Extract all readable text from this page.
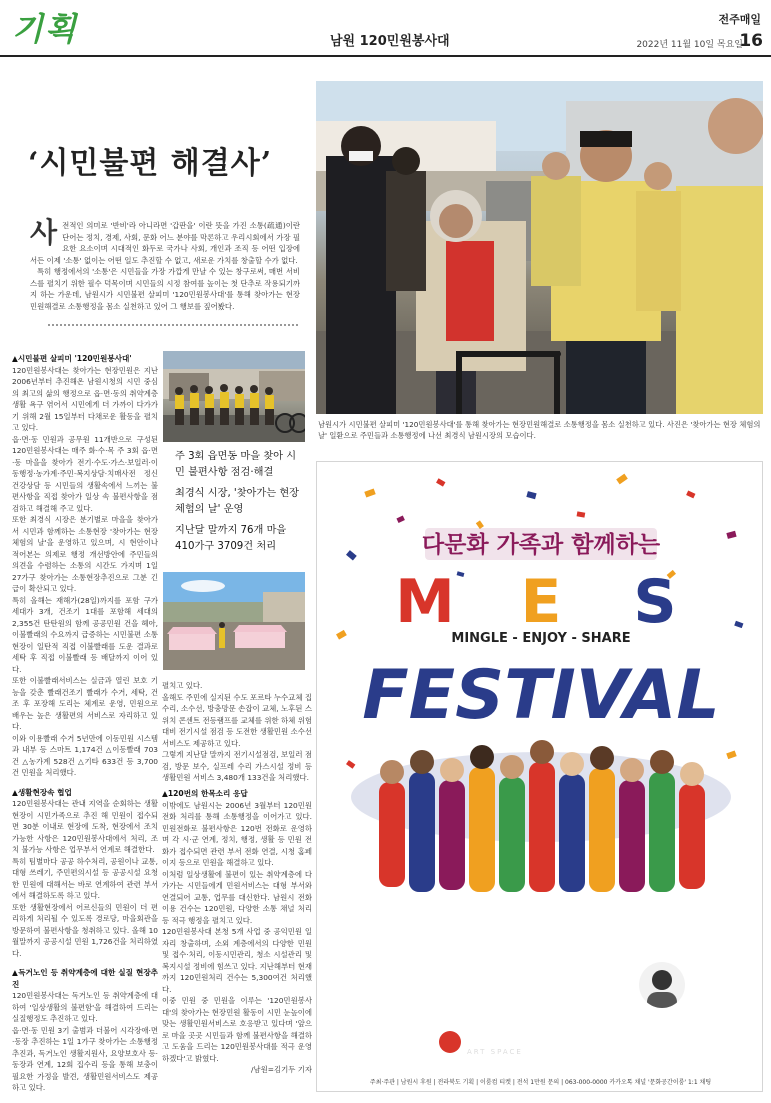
기획	남원 120민원봉사대
전주매일
2022년 11월 10일 목요일
16
‘시민불편 해결사’
사 전적인 의미로 '반비'라 아니라면 '갑판을' 이란 뜻을 가진 소통(疏通)이란 단어는 정치, 경제, 사회, 문화 어느 분야를 막론하고 우리시회에서 가장 필요한 요소이며 시대적인 화두로 국가나 사회, 개인과 조직 등 어떤 입장에서든 이제 '소통' 없이는 어떤 일도 추진할 수 없고, 새로운 가치를 창출할 수가 없다.

특히 행정에서의 '소통'은 시민들을 가장 가깝게 만날 수 있는 창구로써, 매번 서비스를 펼치기 위한 필수 덕목이며 시민들의 시정 참여를 높이는 첫 단추로 작용되기까지 하는 가운데, 남원시가 시민불편 살피미 '120민원봉사대'를 통해 찾아가는 현장민원해결로 소통행정을 몸소 실천하고 있어 그 행보를 짚어봤다.

▲시민불편 살피미 '120민원봉사대'

120민원봉사대는 찾아가는 현장민원은 지난 2006년부터 추진해온 남원시청의 시민 중심의 최고의 삶의 행정으로 읍·면·동의 취약계층 생활 욕구 엮어서 시민에게 더 가까이 다가가기 위해 2월 15일부터 다채로운 활동을 펼치고 있다.

읍·면·동 민원과 공무원 11개반으로 구성된 120민원봉사대는 매주 화·수·목 주 3회 읍·면·동 마을을 찾아가 전기·수도·가스·보일러·이동행정·농가계·주민·복지상담·치매사전 정신건강상담 등 시민들의 생활속에서 느끼는 불편사항을 직접 찾아가 일상 속 불편사항을 점검하고 해결해 주고 있다.

또한 최경식 시장은 분기별로 마을을 찾아가서 시민과 함께하는 소통현장 '찾아가는 현장 체험의 날'을 운영하고 있으며, 시 현안이나 적어본는 의제로 행정 개선방안에 주민들의 의견을 수렴하는 소통의 시간도 가지며 1일 27가구 찾아가는 소통현장추진으로 그분 긴급이 확산되고 있다.

특히 올해는 재해가(28일)까지를 포함 구가 세대가 3개, 건조기 1대를 포함해 세대의 2,355건 탄탄원의 함께 공공민원 건을 헤아, 이불빨래의 수요까지 급증하는 시민불편 소통현장이 일탄적 직접 이불빨래를 도운 결과로 세탁 후 직접 이불빨래 등 배달까지 이어 있다.

또한 이불빨래서비스는 실금과 열린 보호 기능을 갖춘 빨래건조기 빨래가 수거, 세탁, 건조 후 포장해 도리는 체계로 운영, 민원으로 배우는 높은 생활편의 서비스로 자리하고 있다.

이와 이용빨래 수거 5년만에 이동민원 시스템과 내부 등 스마트 1,174건 △이동빨래 703건 △농가계 528건 △기타 633건 등 3,700건 민원을 처리했다.

▲생활현장속 협업

120민원봉사대는 관내 지역을 순회하는 생활 현장이 시민가족으로 추진 해 민원이 접수되면 30분 이내로 현장에 도착, 현장에서 조치 가능한 사항은 120민원봉사대에서 처리, 조치 불가능 사항은 업무부서 연계로 해결한다.

특히 팀별마다 공공 하수처리, 공원이나 교통, 대형 쓰레기, 주민편의시설 등 공공시설 요청한 민원에 대해서는 바로 연계하여 관련 부서에서 해결하도록 하고 있다.

또한 생활현장에서 어르신들의 민원이 더 편리하게 처리될 수 있도록 경로당, 마을회관을 방문하여 불편사항을 청취하고 있다. 올해 10월말까지 공공시설 민원 1,726건을 처리하였다.

▲독거노인 등 취약계층에 대한 실질 현장추진

120민원봉사대는 독거노인 등 취약계층에 대하여 '일상생활의 불편함'을 해결하여 드리는 실질행정도 추진하고 있다.

읍·면·동 민원 3기 출범과 더불어 시각장애·면·동장 추진하는 1일 1가구 찾아가는 소통행정 추진과, 독거노인 생활지원사, 요양보호사 등·동장과 연계, 12회 집수리 등을 통해 보충이 필요한 가정을 발견, 생활민원서비스도 제공하고 있다.

주 3회 읍면동 마을 찾아 시민 불편사항 점검·해결
최경식 시장, '찾아가는 현장 체험의 날' 운영
지난달 말까지 76개 마을 410가구 3709건 처리

펼치고 있다.

올해도 주민에 실지된 수도 포르타 누수교체 집수리, 소수선, 방충망문 손잡이 교체, 노후된 스위치 콘센트 전등램프를 교체를 위한 하체 위험대비 전기시설 점검 등 도전한 생활민원 소수선 서비스도 제공하고 있다.

그렇게 지난달 말까지 전기시설점검, 보일러 점검, 방문 보수, 실프레 수리 가스시설 정비 등 생활민원 서비스 3,480개 133건을 처리했다.

▲120번의 한목소리 응답

이밖에도 남원시는 2006년 3월부터 120민원전화 처리를 통해 소통행정을 이어가고 있다. 민원전화로 불편사항은 120번 전화로 운영하며 각 시·군 연계, 정치, 행정, 생활 등 민원 전화가 접수되면 관련 부서 전화 연결, 시청 홈페이지 등으로 민원을 해결하고 있다.

이처럼 일상생활에 불편이 있는 취약계층에 다가가는 시민들에게 민원서비스는 대형 부서와 연결되어 교통, 업무를 대신한다. 남원시 전화 이용 건수는 120민원, 다양한 소통 채널 처리 등 적극 행정을 펼치고 있다.

120민원봉사대 본청 5개 사업 중 공익민원 일자리 창출하며, 소외 계층에서의 다양한 민원 및 접수·처리, 이동시민관리, 청소 시설관리 및 복지시설 정비에 힘쓰고 있다. 지난해부터 현재까지 120민원처리 건수는 5,300여건 처리했다.

이중 민원 중 민원을 이루는 '120민원봉사대'의 찾아가는 현장민원 활동이 시민 눈높이에 맞는 생활민원서비스로 호응받고 있다며 '앞으로 마을 곳곳 시민들과 함께 불편사항을 해결하고 도움을 드리는 120민원봉사대를 적극 운영하겠다'고 밝혔다.

/남원=김기두 기자

남원시가 시민불편 살피미 '120민원봉사대'를 통해 찾아가는 현장민원해결로 소통행정을 몸소 실천하고 있다. 사진은 '찾아가는 현장 체험의 날' 일환으로 주민들과 소통행정에 나선 최경식 남원시장의 모습이다.
다문화 가족과 함께하는
M E S
MINGLE - ENJOY - SHARE
FESTIVAL
2022.11.10(목)
7:30 pm
문화공간 이룸
ART SPACE
콘서트가이드
김형해
주최·주관 | 남원시 후원 | 전라북도 기획 | 이룸컴 티켓 | 전석 1만원 문의 | 063-000-0000 카카오톡 채널 '문화공간이룸' 1:1 채팅
